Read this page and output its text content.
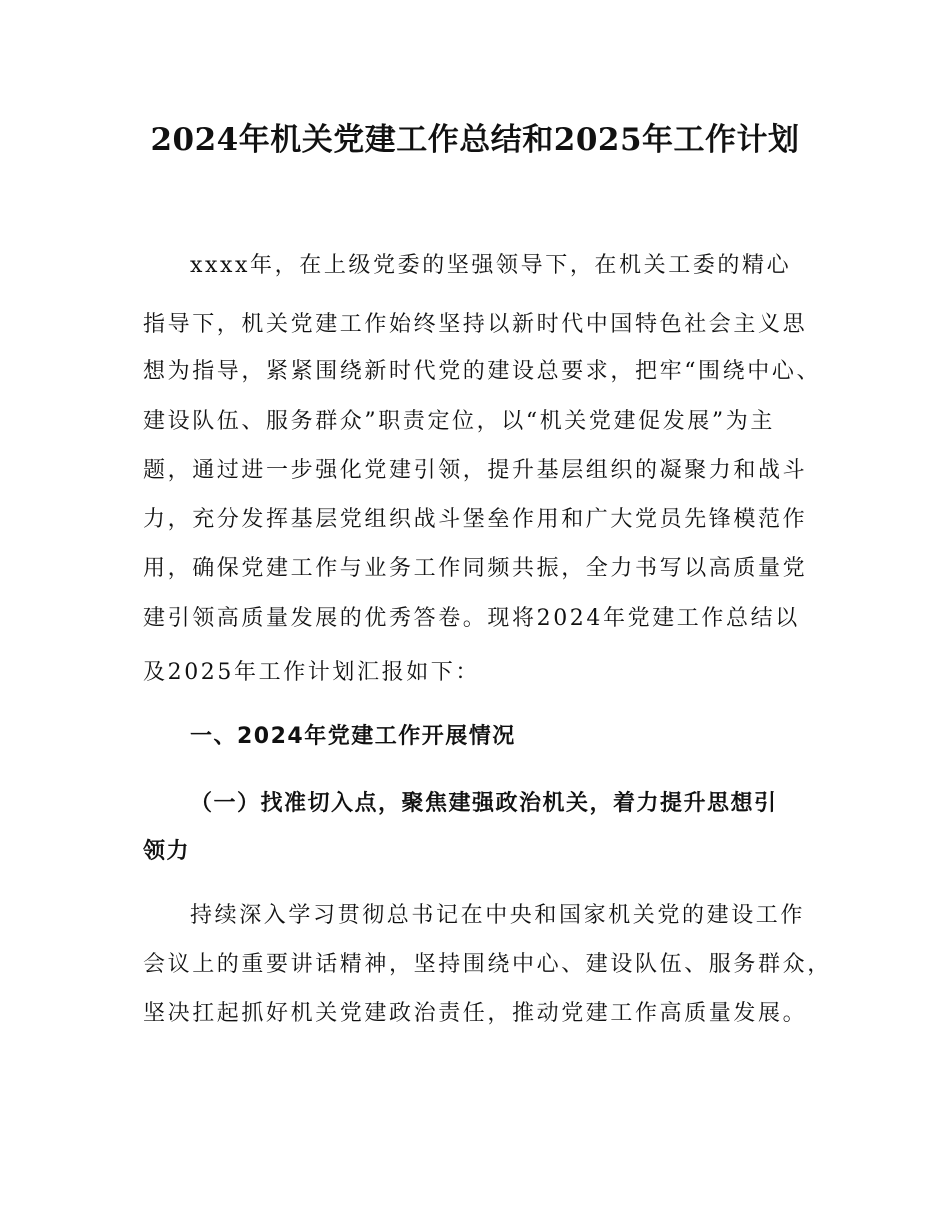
2024年机关党建工作总结和2025年工作计划

xxxx年，在上级党委的坚强领导下，在机关工委的精心

指导下，机关党建工作始终坚持以新时代中国特色社会主义思

想为指导，紧紧围绕新时代党的建设总要求，把牢“围绕中心、

建设队伍、服务群众”职责定位，以“机关党建促发展”为主

题，通过进一步强化党建引领，提升基层组织的凝聚力和战斗

力，充分发挥基层党组织战斗堡垒作用和广大党员先锋模范作

用，确保党建工作与业务工作同频共振，全力书写以高质量党

建引领高质量发展的优秀答卷。现将2024年党建工作总结以

及2025年工作计划汇报如下：

一、2024年党建工作开展情况
（一）找准切入点，聚焦建强政治机关，着力提升思想引
领力

持续深入学习贯彻总书记在中央和国家机关党的建设工作

会议上的重要讲话精神，坚持围绕中心、建设队伍、服务群众，

坚决扛起抓好机关党建政治责任，推动党建工作高质量发展。
